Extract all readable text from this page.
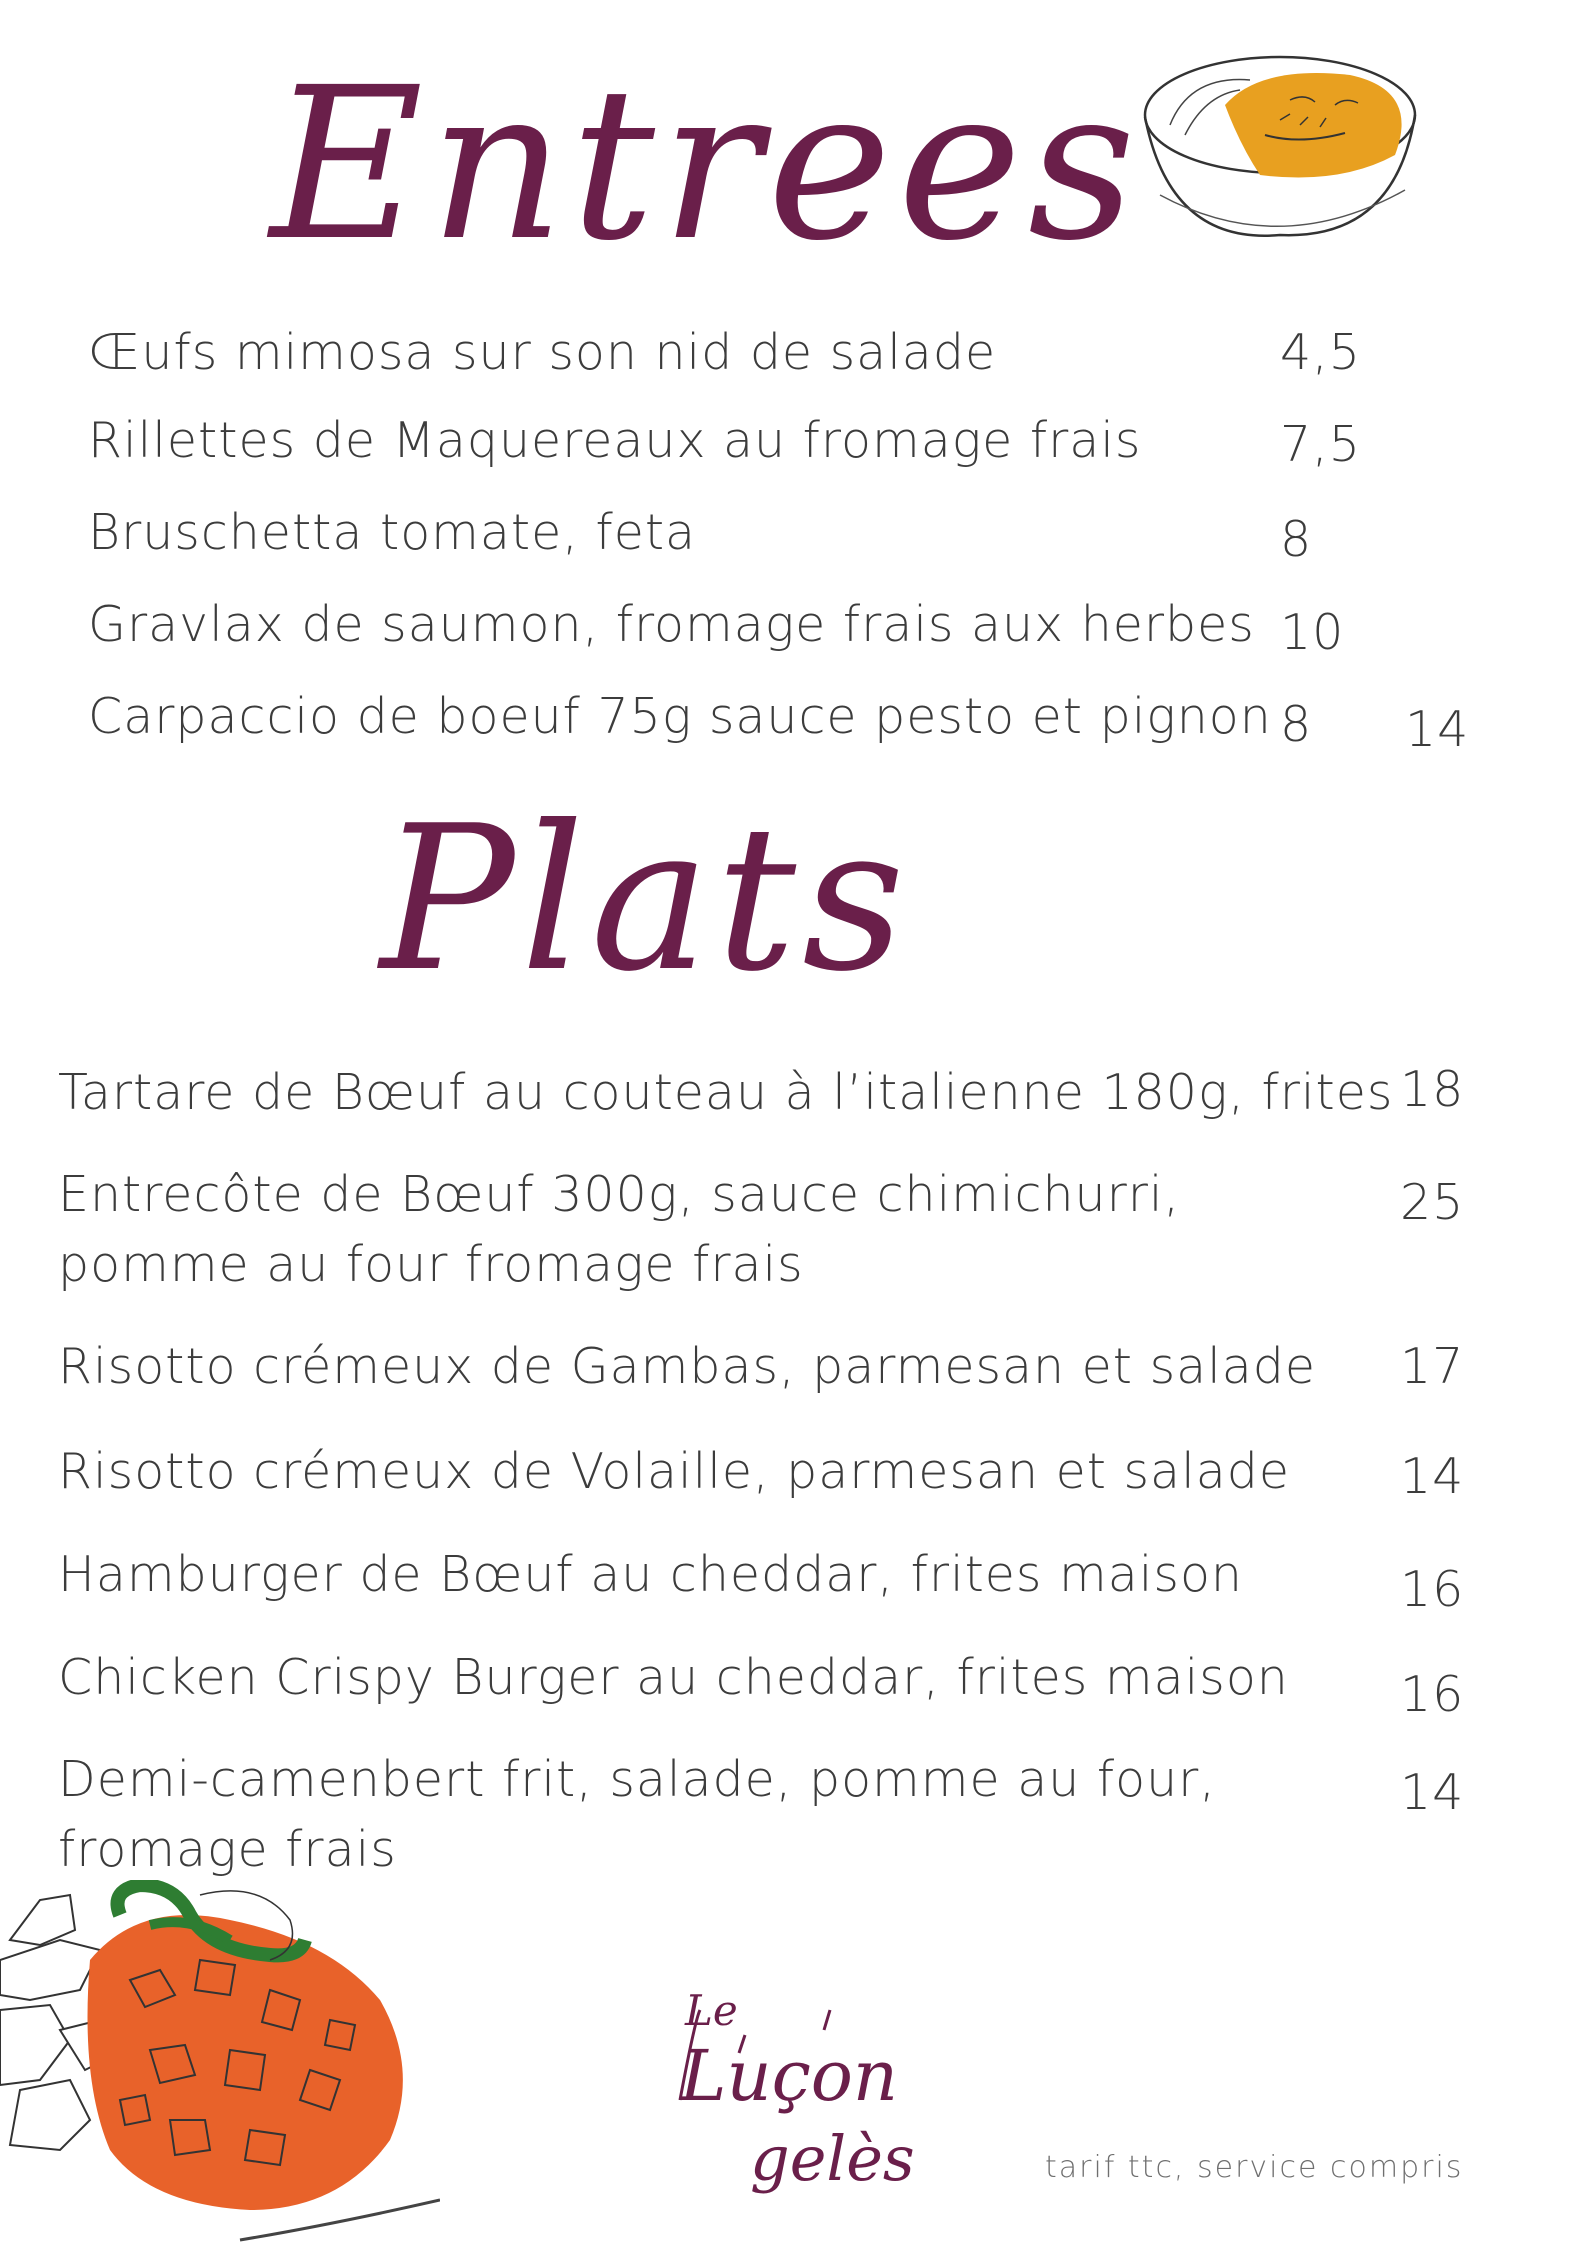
Entrees
Plats
Œufs mimosa sur son nid de salade	4,5
Rillettes de Maquereaux au fromage frais	7,5
Bruschetta tomate, feta	8
Gravlax de saumon, fromage frais aux herbes 10
Carpaccio de boeuf 75g sauce pesto et pignon 8 14
Tartare de Bœuf au couteau à l’italienne 180g, frites 18
Entrecôte de Bœuf 300g, sauce chimichurri, pomme au four fromage frais
25
Risotto crémeux de Gambas, parmesan et salade 17
Risotto crémeux de Volaille, parmesan et salade 14
Hamburger de Bœuf au cheddar, frites maison	16
Chicken Crispy Burger au cheddar, frites maison 16
Demi-camenbert frit, salade, pomme au four, fromage frais
14
Le
Luçon
gelès	tarif ttc, service compris
